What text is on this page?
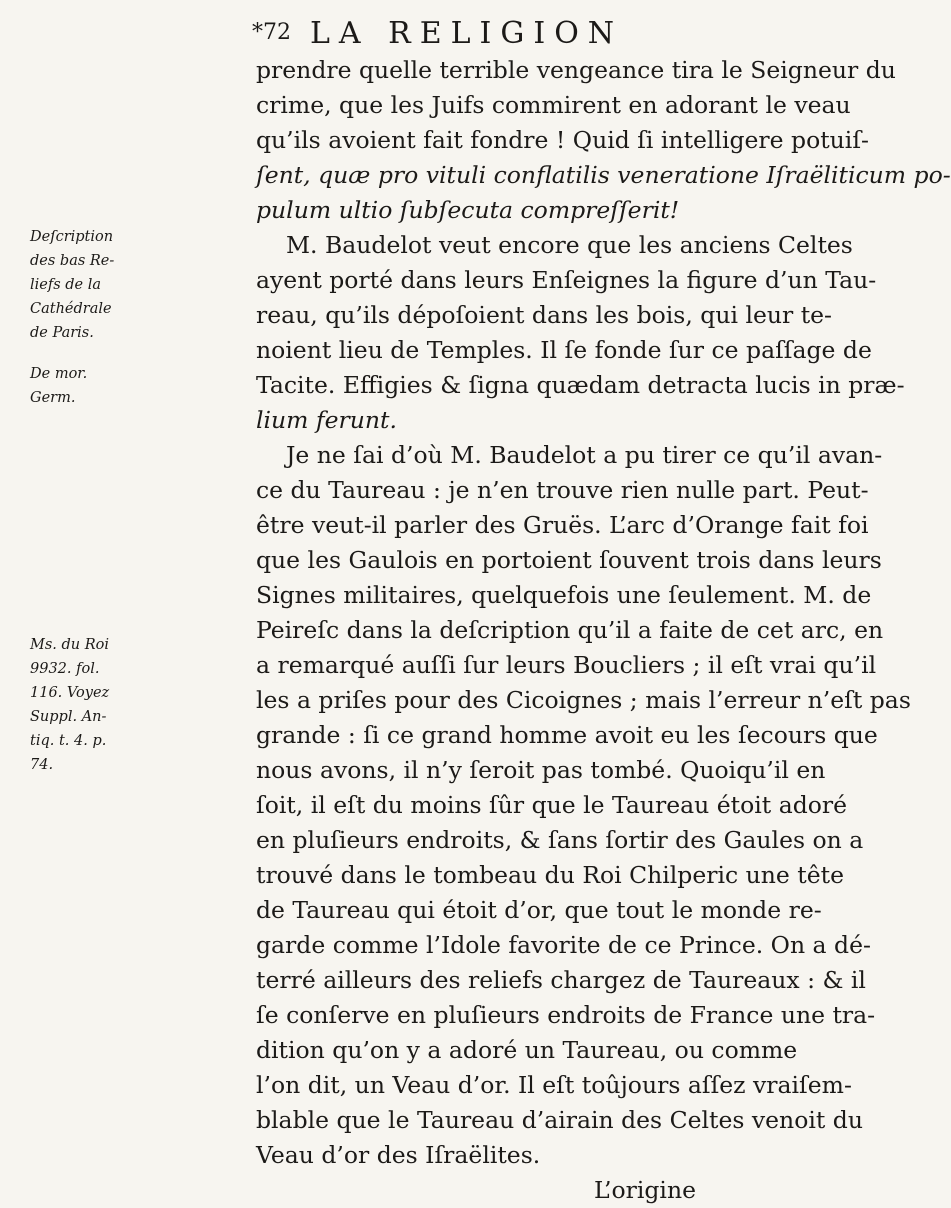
*72 LA RELIGION
prendre quelle terrible vengeance tira le Seigneur du
crime, que les Juifs commirent en adorant le veau
qu’ils avoient fait fondre ! Quid ſi intelligere potuiſ-
ſent, quæ pro vituli conflatilis veneratione Iſraëliticum po-
pulum ultio ſubſecuta compreſſerit!
M. Baudelot veut encore que les anciens Celtes
ayent porté dans leurs Enſeignes la figure d’un Tau-
reau, qu’ils dépoſoient dans les bois, qui leur te-
noient lieu de Temples. Il ſe fonde ſur ce paſſage de
Tacite. Effigies & ſigna quædam detracta lucis in præ-
lium ferunt.
Je ne ſai d’où M. Baudelot a pu tirer ce qu’il avan-
ce du Taureau : je n’en trouve rien nulle part. Peut-
être veut-il parler des Gruës. L’arc d’Orange fait foi
que les Gaulois en portoient ſouvent trois dans leurs
Signes militaires, quelquefois une ſeulement. M. de
Peireſc dans la deſcription qu’il a faite de cet arc, en
a remarqué auſſi ſur leurs Boucliers ; il eſt vrai qu’il
les a priſes pour des Cicoignes ; mais l’erreur n’eſt pas
grande : ſi ce grand homme avoit eu les ſecours que
nous avons, il n’y ſeroit pas tombé. Quoiqu’il en
ſoit, il eſt du moins ſûr que le Taureau étoit adoré
en pluſieurs endroits, & ſans ſortir des Gaules on a
trouvé dans le tombeau du Roi Chilperic une tête
de Taureau qui étoit d’or, que tout le monde re-
garde comme l’Idole favorite de ce Prince. On a dé-
terré ailleurs des reliefs chargez de Taureaux : & il
ſe conſerve en pluſieurs endroits de France une tra-
dition qu’on y a adoré un Taureau, ou comme
l’on dit, un Veau d’or. Il eſt toûjours aſſez vraiſem-
blable que le Taureau d’airain des Celtes venoit du
Veau d’or des Iſraëlites.
L’origine
Deſcription
des bas Re-
liefs de la
Cathédrale
de Paris.
De mor.
Germ.
Ms. du Roi
9932. fol.
116. Voyez
Suppl. An-
tiq. t. 4. p.
74.
